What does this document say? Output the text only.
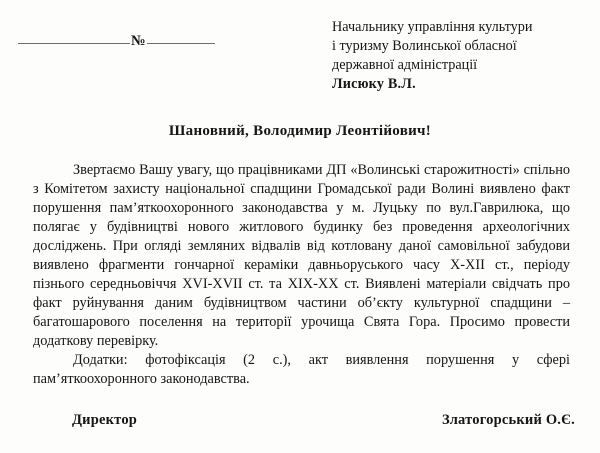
№
Начальнику управління культури
і туризму Волинської обласної
державної адміністрації
Лисюку В.Л.
Шановний, Володимир Леонтійович!

Звертаємо Вашу увагу, що працівниками ДП «Волинські старожитності» спільно з Комітетом захисту національної спадщини Громадської ради Волині виявлено факт порушення пам’яткоохоронного законодавства у м. Луцьку по вул.Гаврилюка, що полягає у будівництві нового житлового будинку без проведення археологічних досліджень. При огляді земляних відвалів від котловану даної самовільної забудови виявлено фрагменти гончарної кераміки давньоруського часу X-XII ст., періоду пізнього середньовіччя XVI-XVII ст. та XIX-XX ст. Виявлені матеріали свідчать про факт руйнування даним будівництвом частини об’єкту культурної спадщини – багатошарового поселення на території урочища Свята Гора. Просимо провести додаткову перевірку.

Додатки: фотофіксація (2 с.), акт виявлення порушення у сфері пам’яткоохоронного законодавства.

Директор	Златогорський О.Є.
